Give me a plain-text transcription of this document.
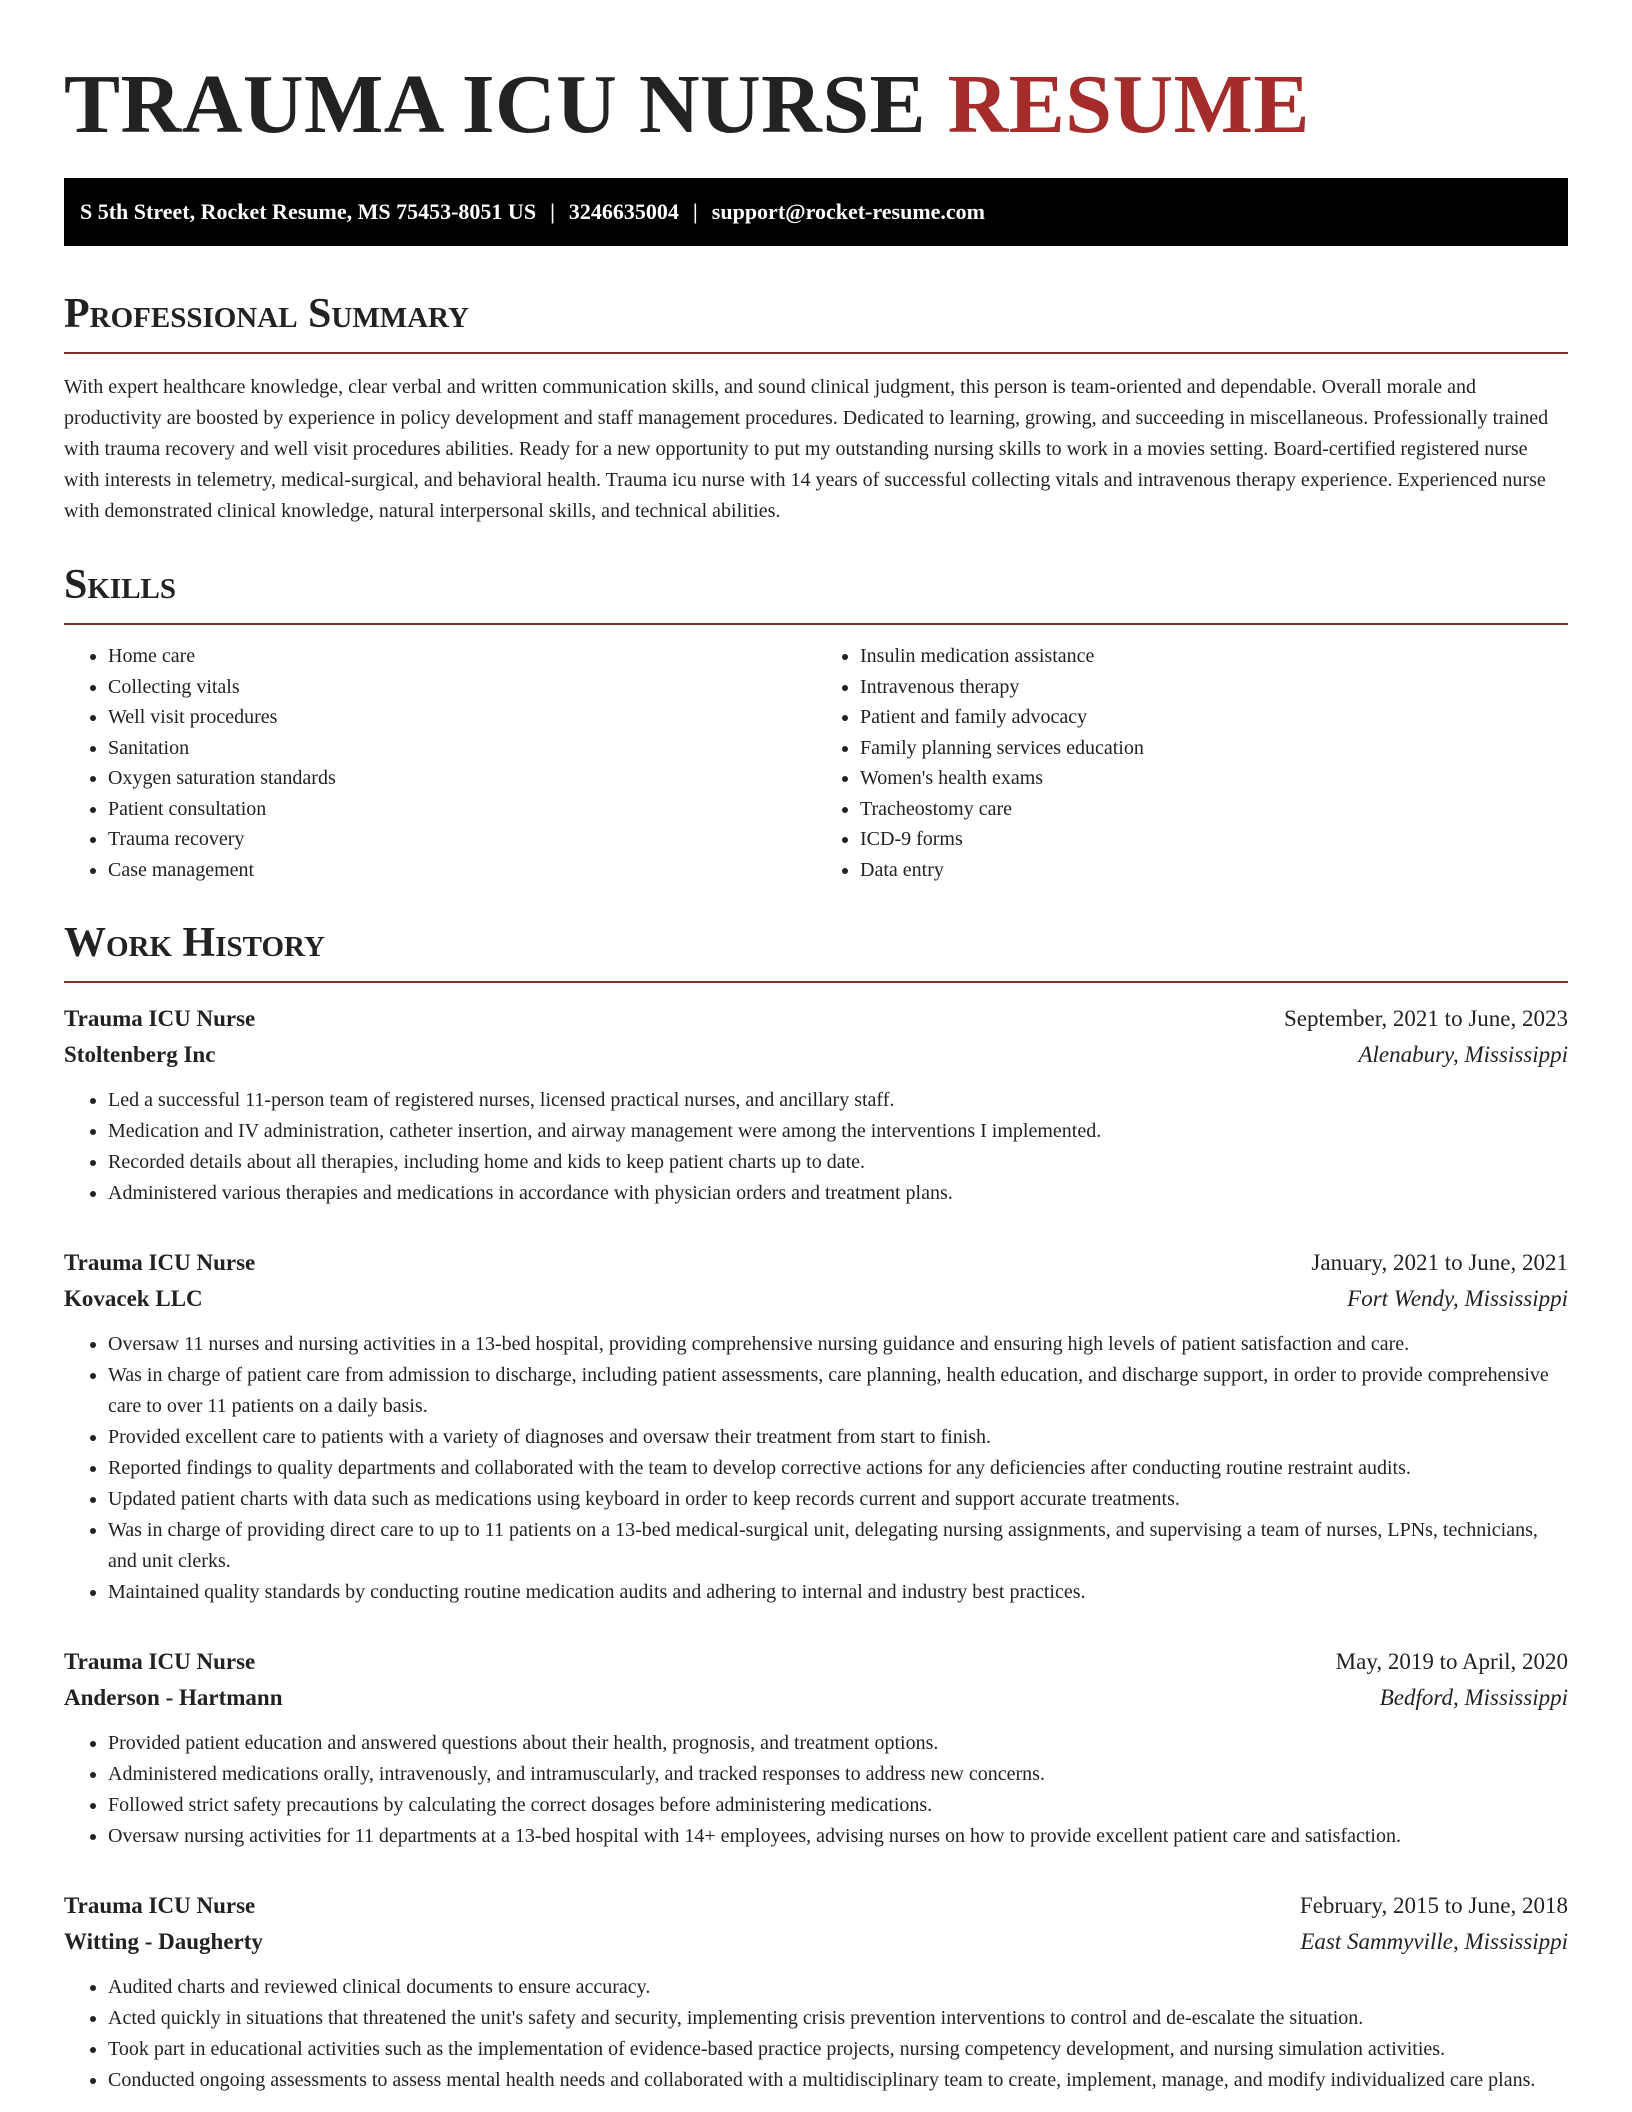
TRAUMA ICU NURSE RESUME
S 5th Street, Rocket Resume, MS 75453-8051 US | 3246635004 | support@rocket-resume.com
Professional Summary

With expert healthcare knowledge, clear verbal and written communication skills, and sound clinical judgment, this person is team-oriented and dependable. Overall morale and productivity are boosted by experience in policy development and staff management procedures. Dedicated to learning, growing, and succeeding in miscellaneous. Professionally trained with trauma recovery and well visit procedures abilities. Ready for a new opportunity to put my outstanding nursing skills to work in a movies setting. Board-certified registered nurse with interests in telemetry, medical-surgical, and behavioral health. Trauma icu nurse with 14 years of successful collecting vitals and intravenous therapy experience. Experienced nurse with demonstrated clinical knowledge, natural interpersonal skills, and technical abilities.

Skills
• Home care
• Collecting vitals
• Well visit procedures
• Sanitation
• Oxygen saturation standards
• Patient consultation
• Trauma recovery
• Case management
• Insulin medication assistance
• Intravenous therapy
• Patient and family advocacy
• Family planning services education
• Women's health exams
• Tracheostomy care
• ICD-9 forms
• Data entry
Work History
Trauma ICU Nurse	September, 2021 to June, 2023
Stoltenberg Inc	Alenabury, Mississippi
• Led a successful 11-person team of registered nurses, licensed practical nurses, and ancillary staff.
• Medication and IV administration, catheter insertion, and airway management were among the interventions I implemented.
• Recorded details about all therapies, including home and kids to keep patient charts up to date.
• Administered various therapies and medications in accordance with physician orders and treatment plans.
Trauma ICU Nurse	January, 2021 to June, 2021
Kovacek LLC	Fort Wendy, Mississippi
• Oversaw 11 nurses and nursing activities in a 13-bed hospital, providing comprehensive nursing guidance and ensuring high levels of patient satisfaction and care.
• Was in charge of patient care from admission to discharge, including patient assessments, care planning, health education, and discharge support, in order to provide comprehensive care to over 11 patients on a daily basis.
• Provided excellent care to patients with a variety of diagnoses and oversaw their treatment from start to finish.
• Reported findings to quality departments and collaborated with the team to develop corrective actions for any deficiencies after conducting routine restraint audits.
• Updated patient charts with data such as medications using keyboard in order to keep records current and support accurate treatments.
• Was in charge of providing direct care to up to 11 patients on a 13-bed medical-surgical unit, delegating nursing assignments, and supervising a team of nurses, LPNs, technicians, and unit clerks.
• Maintained quality standards by conducting routine medication audits and adhering to internal and industry best practices.
Trauma ICU Nurse	May, 2019 to April, 2020
Anderson - Hartmann	Bedford, Mississippi
• Provided patient education and answered questions about their health, prognosis, and treatment options.
• Administered medications orally, intravenously, and intramuscularly, and tracked responses to address new concerns.
• Followed strict safety precautions by calculating the correct dosages before administering medications.
• Oversaw nursing activities for 11 departments at a 13-bed hospital with 14+ employees, advising nurses on how to provide excellent patient care and satisfaction.
Trauma ICU Nurse	February, 2015 to June, 2018
Witting - Daugherty	East Sammyville, Mississippi
• Audited charts and reviewed clinical documents to ensure accuracy.
• Acted quickly in situations that threatened the unit's safety and security, implementing crisis prevention interventions to control and de-escalate the situation.
• Took part in educational activities such as the implementation of evidence-based practice projects, nursing competency development, and nursing simulation activities.
• Conducted ongoing assessments to assess mental health needs and collaborated with a multidisciplinary team to create, implement, manage, and modify individualized care plans.
